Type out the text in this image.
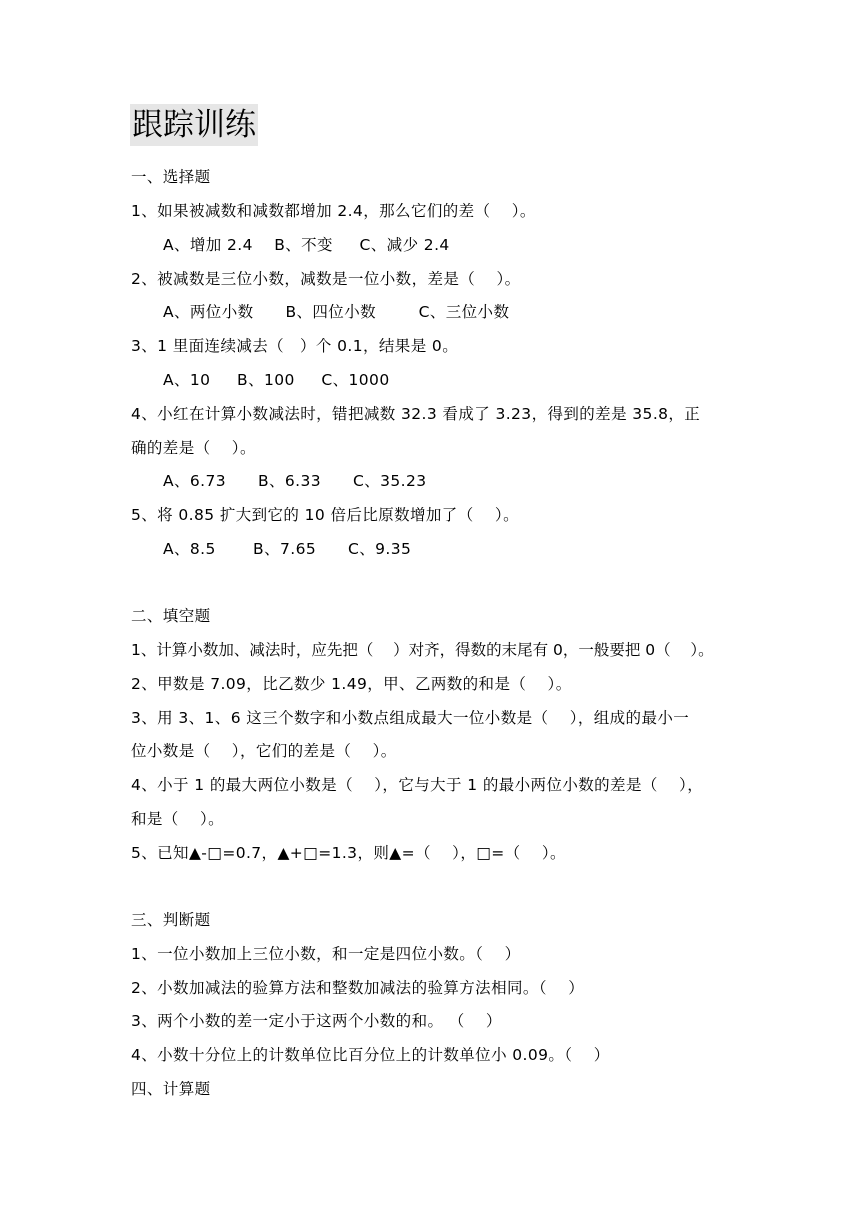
跟踪训练
一、选择题
1、如果被减数和减数都增加 2.4，那么它们的差（    ）。
A、增加 2.4    B、不变     C、减少 2.4
2、被减数是三位小数，减数是一位小数，差是（    ）。
A、两位小数      B、四位小数        C、三位小数
3、1 里面连续减去（   ）个 0.1，结果是 0。
A、10     B、100     C、1000
4、小红在计算小数减法时，错把减数 32.3 看成了 3.23，得到的差是 35.8，正
确的差是（    ）。
A、6.73      B、6.33      C、35.23
5、将 0.85 扩大到它的 10 倍后比原数增加了（    ）。
A、8.5       B、7.65      C、9.35
二、填空题
1、计算小数加、减法时，应先把（    ）对齐，得数的末尾有 0，一般要把 0（    ）。
2、甲数是 7.09，比乙数少 1.49，甲、乙两数的和是（    ）。
3、用 3、1、6 这三个数字和小数点组成最大一位小数是（    ），组成的最小一
位小数是（    ），它们的差是（    ）。
4、小于 1 的最大两位小数是（    ），它与大于 1 的最小两位小数的差是（    ），
和是（    ）。
5、已知▲-□=0.7，▲+□=1.3，则▲=（    ），□=（    ）。
三、判断题
1、一位小数加上三位小数，和一定是四位小数。（    ）
2、小数加减法的验算方法和整数加减法的验算方法相同。（    ）
3、两个小数的差一定小于这两个小数的和。 （    ）
4、小数十分位上的计数单位比百分位上的计数单位小 0.09。（    ）
四、计算题
